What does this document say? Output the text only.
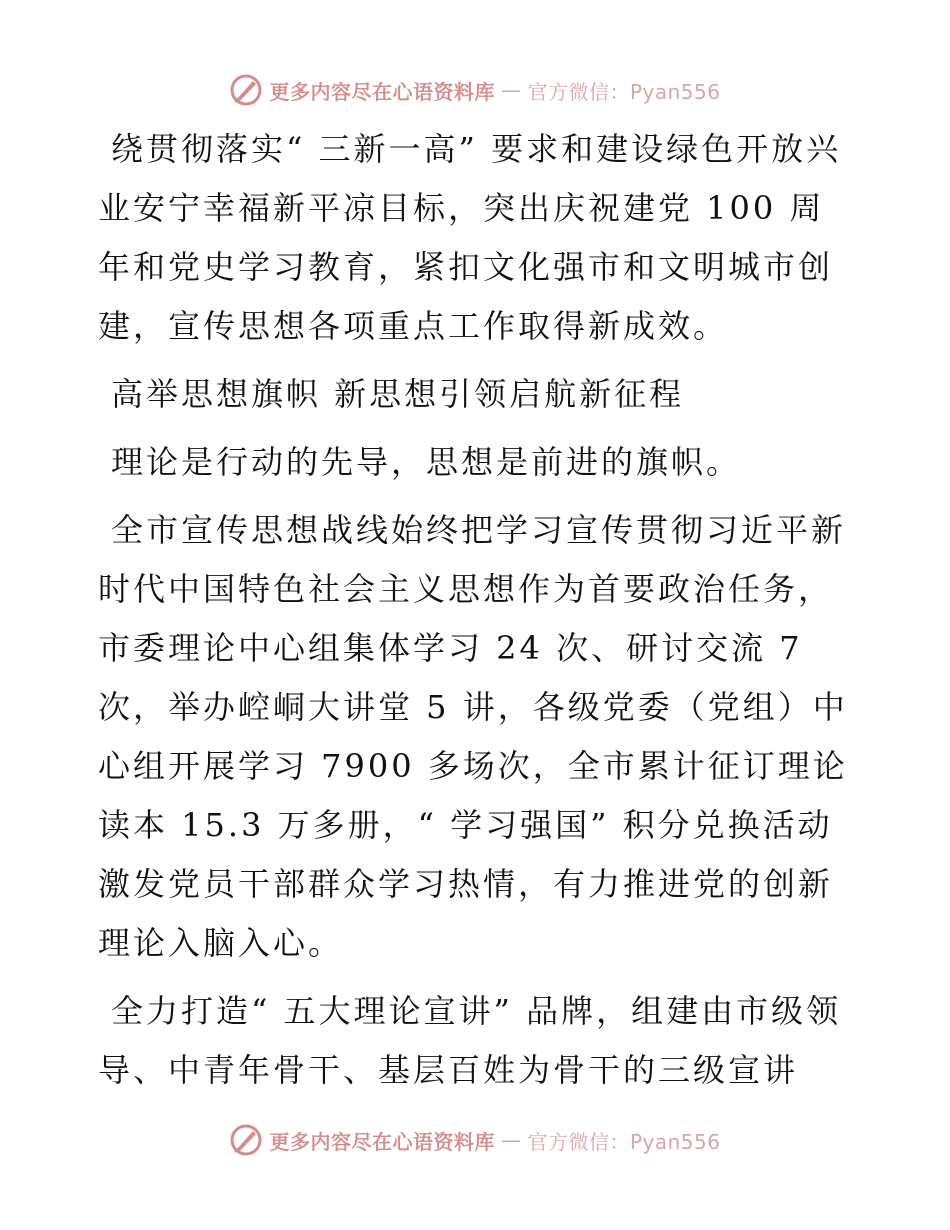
更多内容尽在心语资料库 — 官方微信：Pyan556

绕贯彻落实“ 三新一高” 要求和建设绿色开放兴业安宁幸福新平凉目标，突出庆祝建党 100 周年和党史学习教育，紧扣文化强市和文明城市创建，宣传思想各项重点工作取得新成效。

高举思想旗帜 新思想引领启航新征程

理论是行动的先导，思想是前进的旗帜。

全市宣传思想战线始终把学习宣传贯彻习近平新时代中国特色社会主义思想作为首要政治任务，市委理论中心组集体学习 24 次、研讨交流 7 次，举办崆峒大讲堂 5 讲，各级党委（党组）中心组开展学习 7900 多场次，全市累计征订理论读本 15.3 万多册，“ 学习强国” 积分兑换活动激发党员干部群众学习热情，有力推进党的创新理论入脑入心。

全力打造“ 五大理论宣讲” 品牌，组建由市级领导、中青年骨干、基层百姓为骨干的三级宣讲

更多内容尽在心语资料库 — 官方微信：Pyan556
